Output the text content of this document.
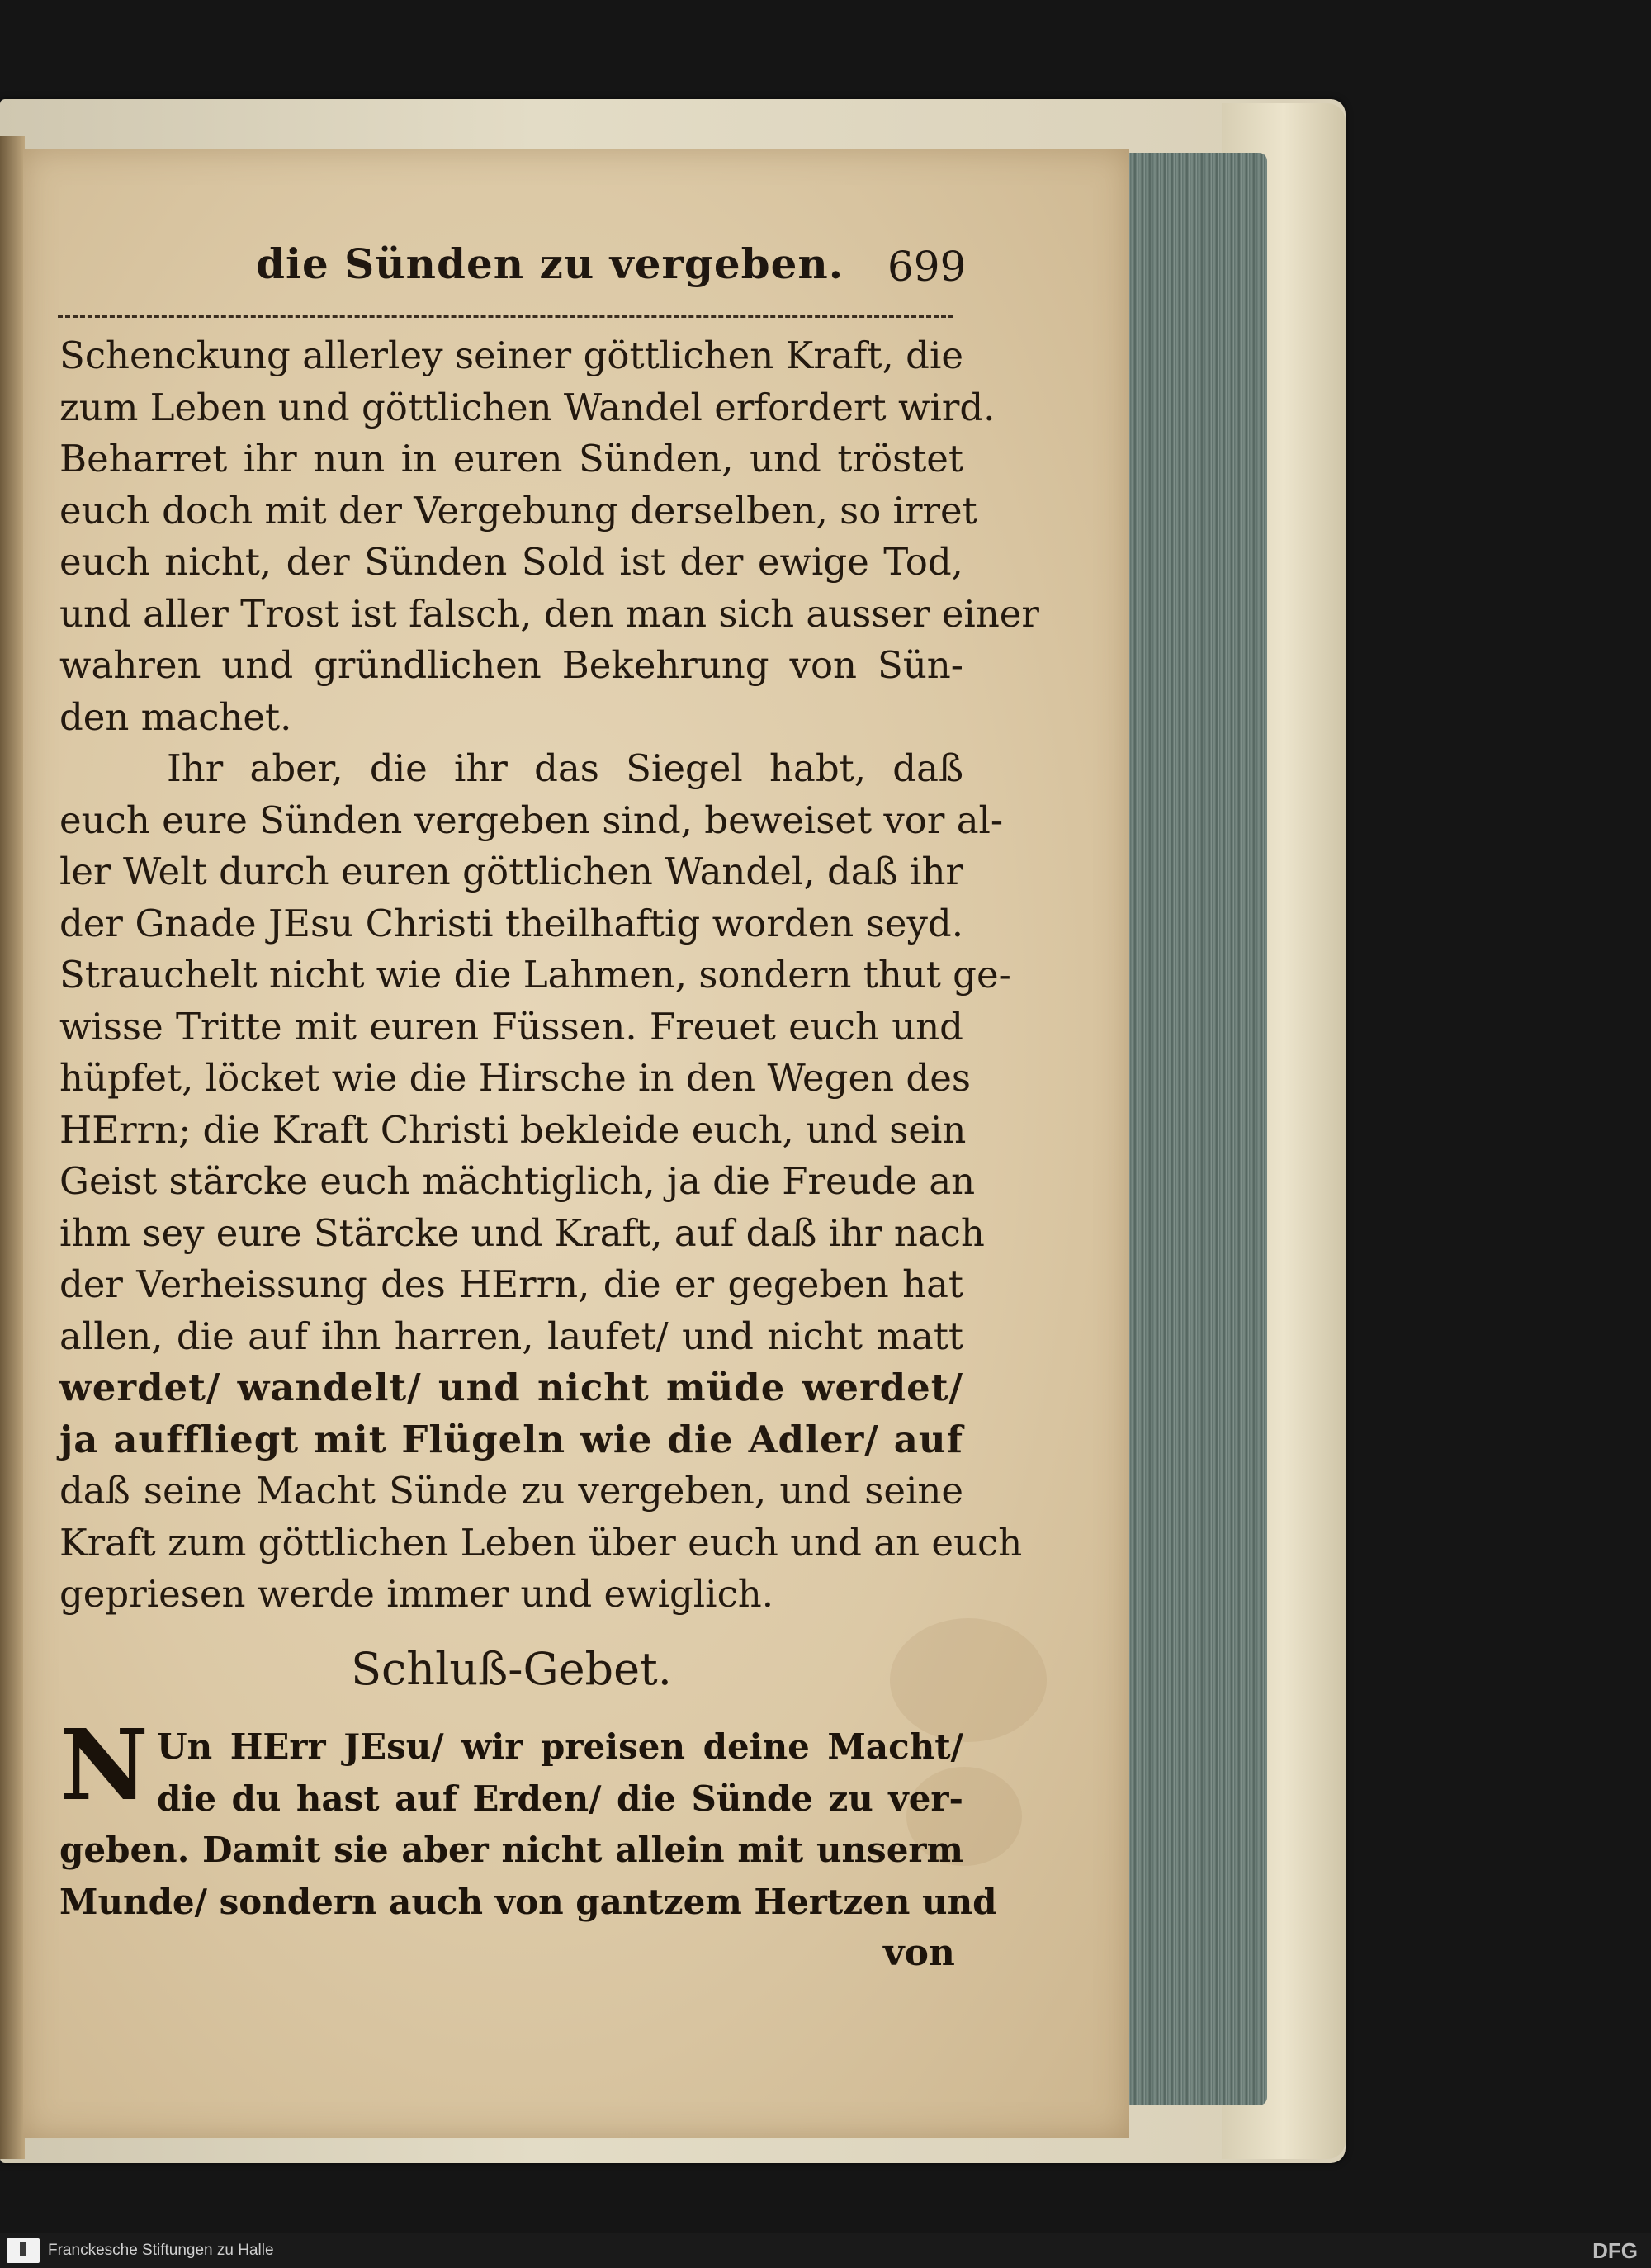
die Sünden zu vergeben. 699
Schenckung allerley seiner göttlichen Kraft, die
zum Leben und göttlichen Wandel erfordert wird.
Beharret ihr nun in euren Sünden, und tröstet
euch doch mit der Vergebung derselben, so irret
euch nicht, der Sünden Sold ist der ewige Tod,
und aller Trost ist falsch, den man sich ausser einer
wahren und gründlichen Bekehrung von Sün-
den machet.
Ihr aber, die ihr das Siegel habt, daß
euch eure Sünden vergeben sind, beweiset vor al-
ler Welt durch euren göttlichen Wandel, daß ihr
der Gnade JEsu Christi theilhaftig worden seyd.
Strauchelt nicht wie die Lahmen, sondern thut ge-
wisse Tritte mit euren Füssen. Freuet euch und
hüpfet, löcket wie die Hirsche in den Wegen des
HErrn; die Kraft Christi bekleide euch, und sein
Geist stärcke euch mächtiglich, ja die Freude an
ihm sey eure Stärcke und Kraft, auf daß ihr nach
der Verheissung des HErrn, die er gegeben hat
allen, die auf ihn harren, laufet/ und nicht matt
werdet/ wandelt/ und nicht müde werdet/
ja auffliegt mit Flügeln wie die Adler/ auf
daß seine Macht Sünde zu vergeben, und seine
Kraft zum göttlichen Leben über euch und an euch
gepriesen werde immer und ewiglich.
Schluß-Gebet.
N Un HErr JEsu/ wir preisen deine Macht/
die du hast auf Erden/ die Sünde zu ver-
geben. Damit sie aber nicht allein mit unserm
Munde/ sondern auch von gantzem Hertzen und
von
Franckesche Stiftungen zu Halle	DFG
